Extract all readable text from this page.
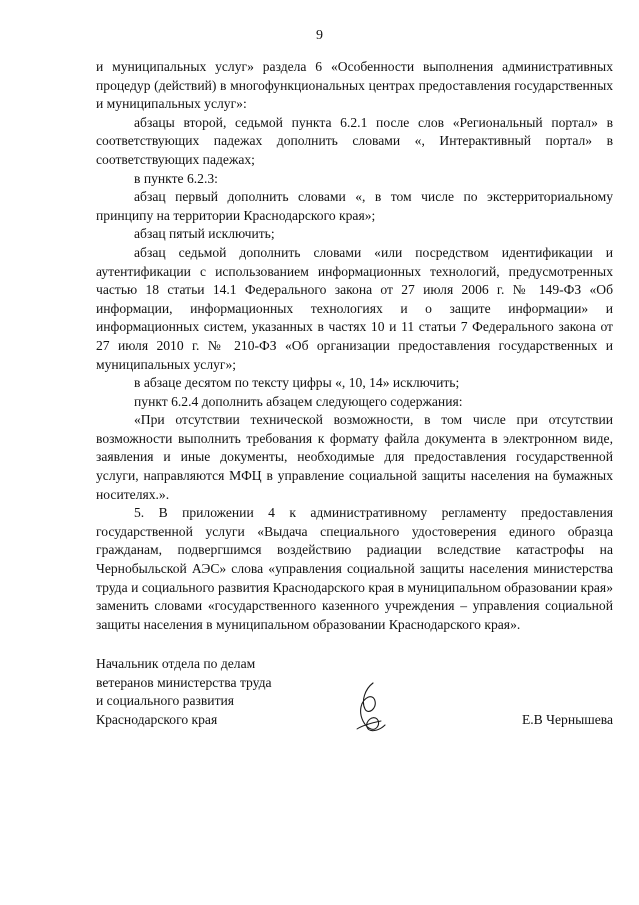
9

и муниципальных услуг» раздела 6 «Особенности выполнения административных процедур (действий) в многофункциональных центрах предоставления государственных и муниципальных услуг»:

абзацы второй, седьмой пункта 6.2.1 после слов «Региональный портал» в соответствующих падежах дополнить словами «, Интерактивный портал» в соответствующих падежах;

в пункте 6.2.3:

абзац первый дополнить словами «, в том числе по экстерриториальному принципу на территории Краснодарского края»;

абзац пятый исключить;

абзац седьмой дополнить словами «или посредством идентификации и аутентификации с использованием информационных технологий, предусмотренных частью 18 статьи 14.1 Федерального закона от 27 июля 2006 г. № 149-ФЗ «Об информации, информационных технологиях и о защите информации» и информационных систем, указанных в частях 10 и 11 статьи 7 Федерального закона от 27 июля 2010 г. № 210-ФЗ «Об организации предоставления государственных и муниципальных услуг»;

в абзаце десятом по тексту цифры «, 10, 14» исключить;

пункт 6.2.4 дополнить абзацем следующего содержания:

«При отсутствии технической возможности, в том числе при отсутствии возможности выполнить требования к формату файла документа в электронном виде, заявления и иные документы, необходимые для предоставления государственной услуги, направляются МФЦ в управление социальной защиты населения на бумажных носителях.».

5. В приложении 4 к административному регламенту предоставления государственной услуги «Выдача специального удостоверения единого образца гражданам, подвергшимся воздействию радиации вследствие катастрофы на Чернобыльской АЭС» слова «управления социальной защиты населения министерства труда и социального развития Краснодарского края в муниципальном образовании края» заменить словами «государственного казенного учреждения – управления социальной защиты населения в муниципальном образовании Краснодарского края».

Начальник отдела по делам
ветеранов министерства труда
и социального развития
Краснодарского края	Е.В Чернышева
